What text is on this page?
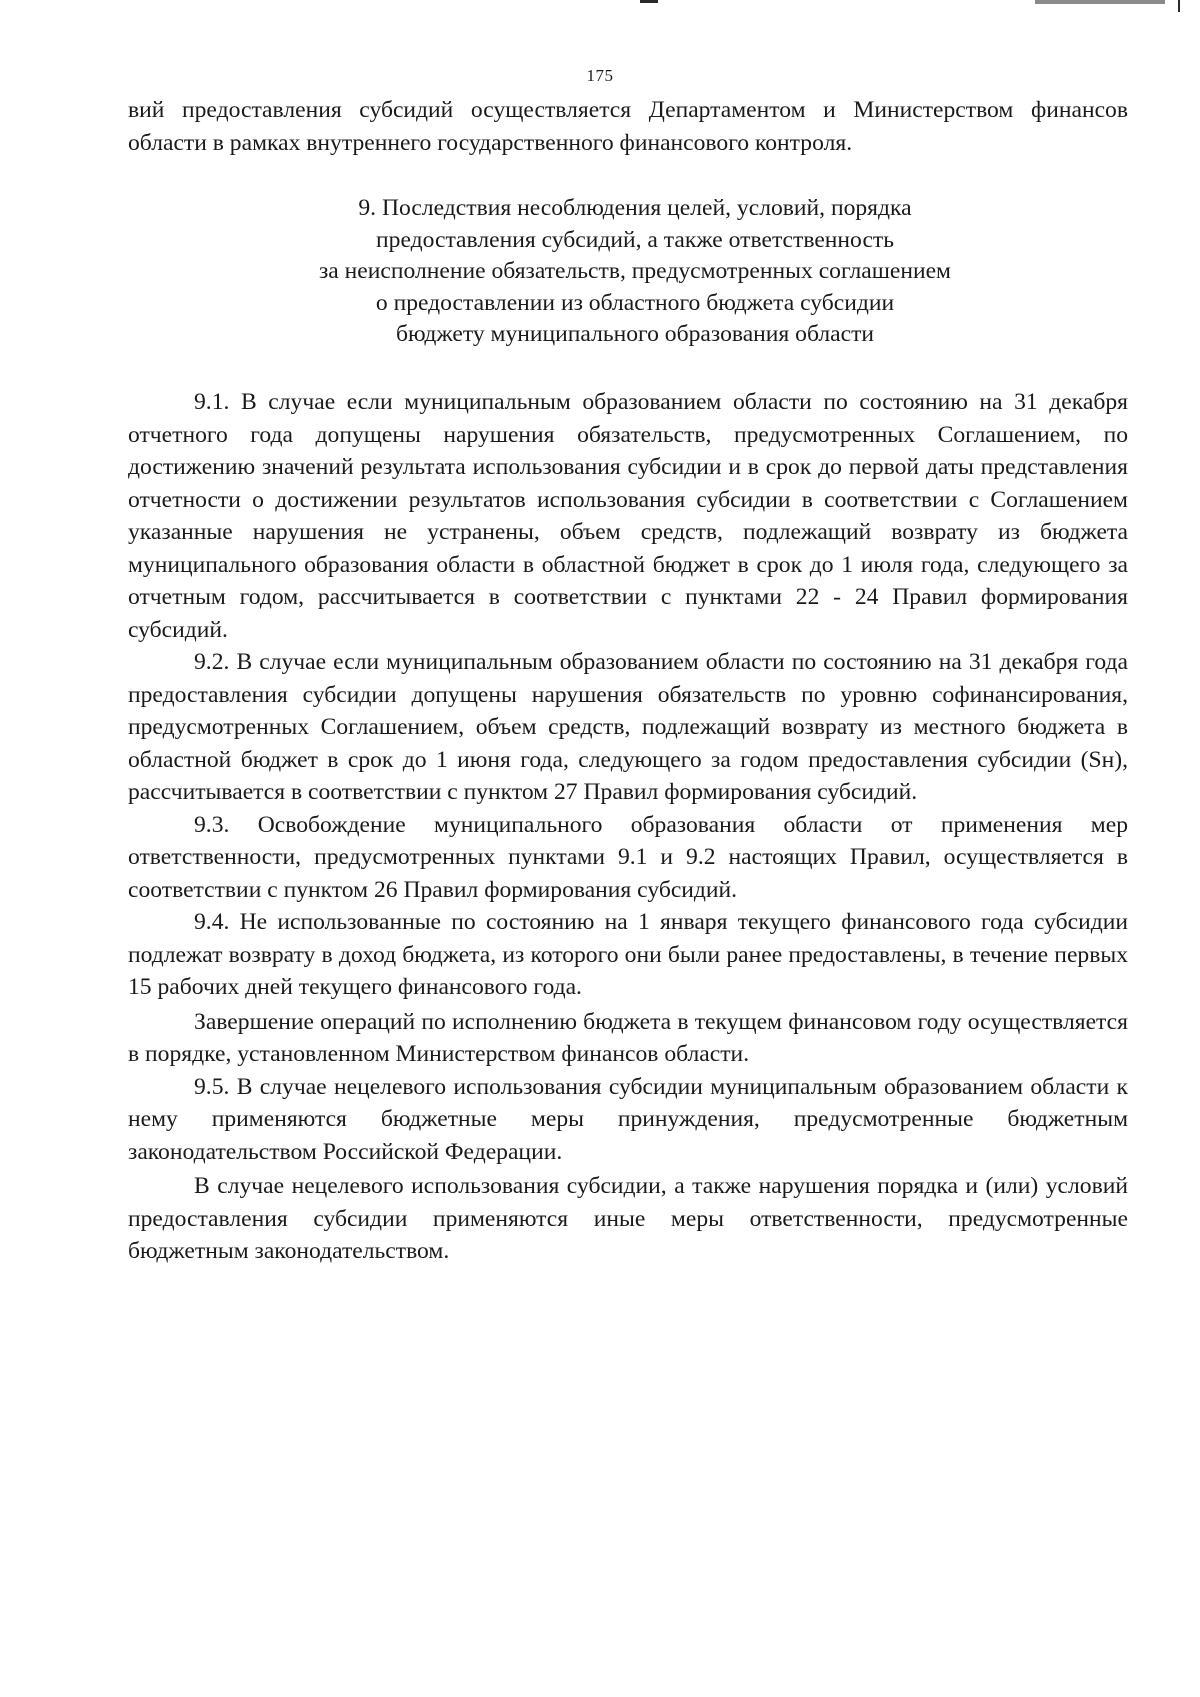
175
вий предоставления субсидий осуществляется Департаментом и Министерством финансов области в рамках внутреннего государственного финансового контроля.
9. Последствия несоблюдения целей, условий, порядка
предоставления субсидий, а также ответственность
за неисполнение обязательств, предусмотренных соглашением
о предоставлении из областного бюджета субсидии
бюджету муниципального образования области

9.1. В случае если муниципальным образованием области по состоянию на 31 декабря отчетного года допущены нарушения обязательств, предусмотренных Соглашением, по достижению значений результата использования субсидии и в срок до первой даты представления отчетности о достижении результатов использования субсидии в соответствии с Соглашением указанные нарушения не устранены, объем средств, подлежащий возврату из бюджета муниципального образования области в областной бюджет в срок до 1 июля года, следующего за отчетным годом, рассчитывается в соответствии с пунктами 22 - 24 Правил формирования субсидий.

9.2. В случае если муниципальным образованием области по состоянию на 31 декабря года предоставления субсидии допущены нарушения обязательств по уровню софинансирования, предусмотренных Соглашением, объем средств, подлежащий возврату из местного бюджета в областной бюджет в срок до 1 июня года, следующего за годом предоставления субсидии (Sн), рассчитывается в соответствии с пунктом 27 Правил формирования субсидий.

9.3. Освобождение муниципального образования области от применения мер ответственности, предусмотренных пунктами 9.1 и 9.2 настоящих Правил, осуществляется в соответствии с пунктом 26 Правил формирования субсидий.

9.4. Не использованные по состоянию на 1 января текущего финансового года субсидии подлежат возврату в доход бюджета, из которого они были ранее предоставлены, в течение первых 15 рабочих дней текущего финансового года.

Завершение операций по исполнению бюджета в текущем финансовом году осуществляется в порядке, установленном Министерством финансов области.

9.5. В случае нецелевого использования субсидии муниципальным образованием области к нему применяются бюджетные меры принуждения, предусмотренные бюджетным законодательством Российской Федерации.

В случае нецелевого использования субсидии, а также нарушения порядка и (или) условий предоставления субсидии применяются иные меры ответственности, предусмотренные бюджетным законодательством.
